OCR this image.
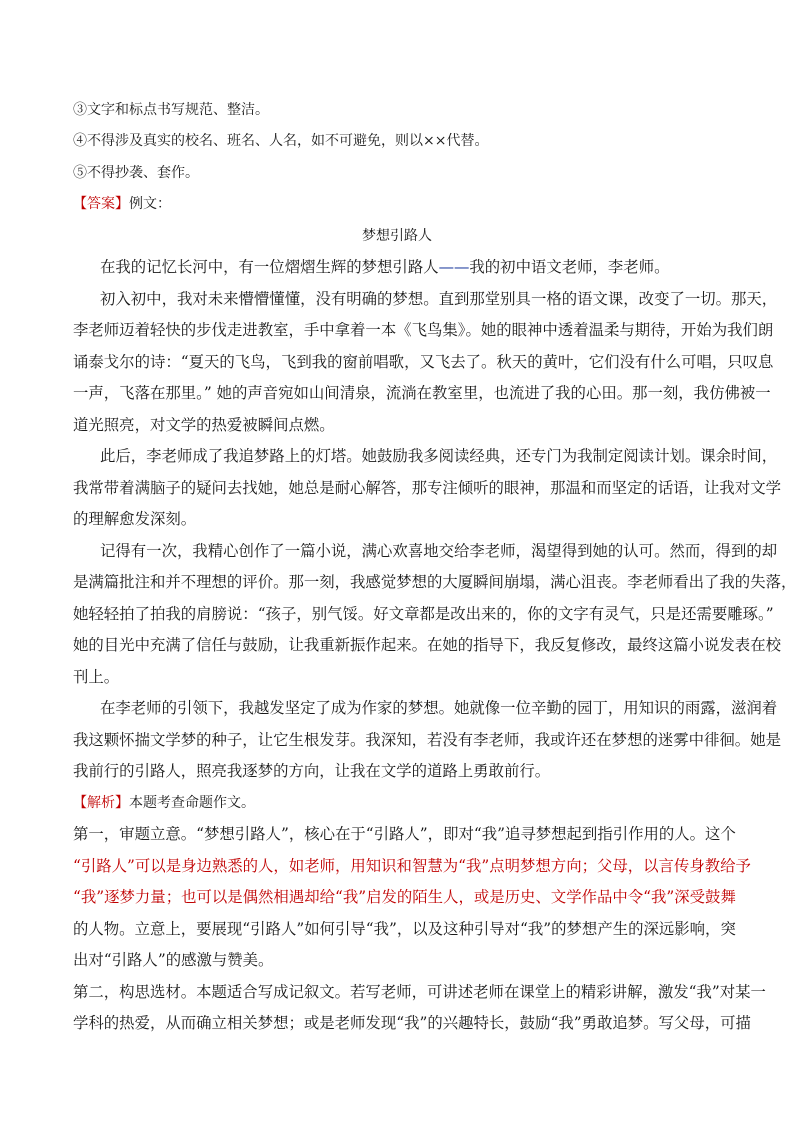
③文字和标点书写规范、整洁。
④不得涉及真实的校名、班名、人名，如不可避免，则以××代替。
⑤不得抄袭、套作。
【答案】例文：
梦想引路人
在我的记忆长河中，有一位熠熠生辉的梦想引路人——我的初中语文老师，李老师。
初入初中，我对未来懵懵懂懂，没有明确的梦想。直到那堂别具一格的语文课，改变了一切。那天，
李老师迈着轻快的步伐走进教室，手中拿着一本《飞鸟集》。她的眼神中透着温柔与期待，开始为我们朗
诵泰戈尔的诗：“夏天的飞鸟，飞到我的窗前唱歌，又飞去了。秋天的黄叶，它们没有什么可唱，只叹息
一声，飞落在那里。” 她的声音宛如山间清泉，流淌在教室里，也流进了我的心田。那一刻，我仿佛被一
道光照亮，对文学的热爱被瞬间点燃。
此后，李老师成了我追梦路上的灯塔。她鼓励我多阅读经典，还专门为我制定阅读计划。课余时间，
我常带着满脑子的疑问去找她，她总是耐心解答，那专注倾听的眼神，那温和而坚定的话语，让我对文学
的理解愈发深刻。
记得有一次，我精心创作了一篇小说，满心欢喜地交给李老师，渴望得到她的认可。然而，得到的却
是满篇批注和并不理想的评价。那一刻，我感觉梦想的大厦瞬间崩塌，满心沮丧。李老师看出了我的失落，
她轻轻拍了拍我的肩膀说：“孩子，别气馁。好文章都是改出来的，你的文字有灵气，只是还需要雕琢。”
她的目光中充满了信任与鼓励，让我重新振作起来。在她的指导下，我反复修改，最终这篇小说发表在校
刊上。
在李老师的引领下，我越发坚定了成为作家的梦想。她就像一位辛勤的园丁，用知识的雨露，滋润着
我这颗怀揣文学梦的种子，让它生根发芽。我深知，若没有李老师，我或许还在梦想的迷雾中徘徊。她是
我前行的引路人，照亮我逐梦的方向，让我在文学的道路上勇敢前行。
【解析】本题考查命题作文。
第一，审题立意。“梦想引路人”，核心在于“引路人”，即对“我”追寻梦想起到指引作用的人。这个
“引路人”可以是身边熟悉的人，如老师，用知识和智慧为“我”点明梦想方向；父母，以言传身教给予
“我”逐梦力量；也可以是偶然相遇却给“我”启发的陌生人，或是历史、文学作品中令“我”深受鼓舞
的人物。立意上，要展现“引路人”如何引导“我”，以及这种引导对“我”的梦想产生的深远影响，突
出对“引路人”的感激与赞美。
第二，构思选材。本题适合写成记叙文。若写老师，可讲述老师在课堂上的精彩讲解，激发“我”对某一
学科的热爱，从而确立相关梦想；或是老师发现“我”的兴趣特长，鼓励“我”勇敢追梦。写父母，可描
